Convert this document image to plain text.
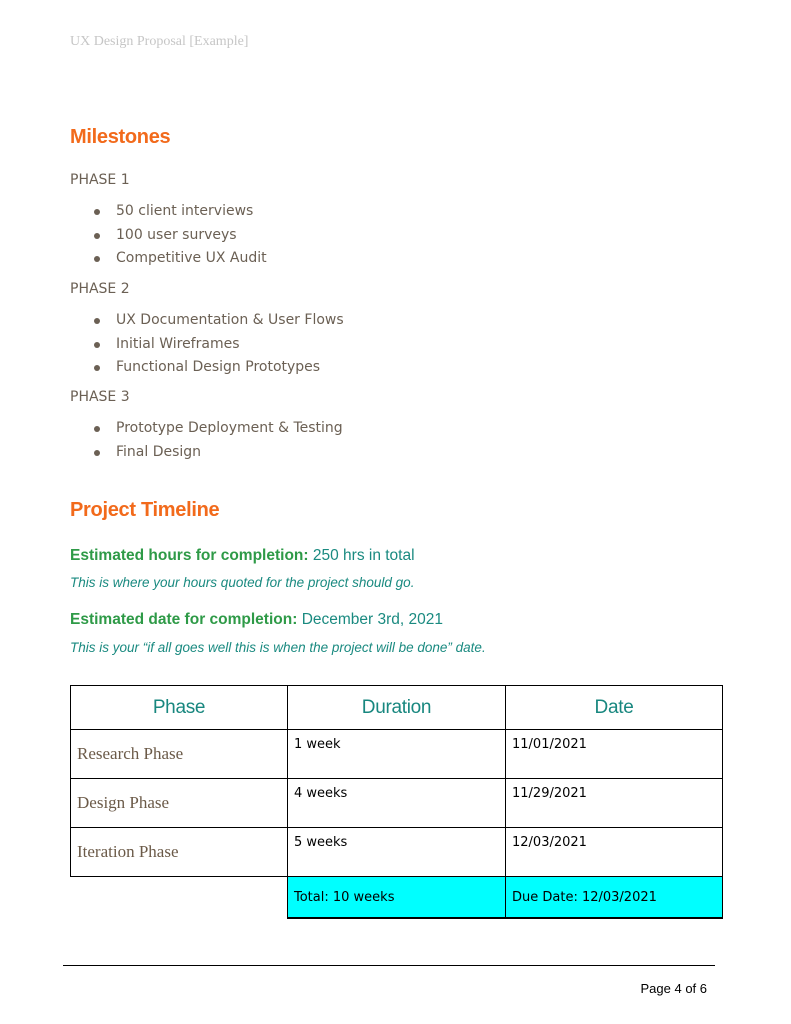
UX Design Proposal [Example]
Milestones
PHASE 1
50 client interviews
100 user surveys
Competitive UX Audit
PHASE 2
UX Documentation & User Flows
Initial Wireframes
Functional Design Prototypes
PHASE 3
Prototype Deployment & Testing
Final Design
Project Timeline
Estimated hours for completion: 250 hrs in total
This is where your hours quoted for the project should go.
Estimated date for completion: December 3rd, 2021
This is your “if all goes well this is when the project will be done” date.
Phase	Duration	Date
Research Phase	1 week	11/01/2021
Design Phase	4 weeks	11/29/2021
Iteration Phase	5 weeks	12/03/2021
	Total: 10 weeks	Due Date: 12/03/2021
Page 4 of 6
